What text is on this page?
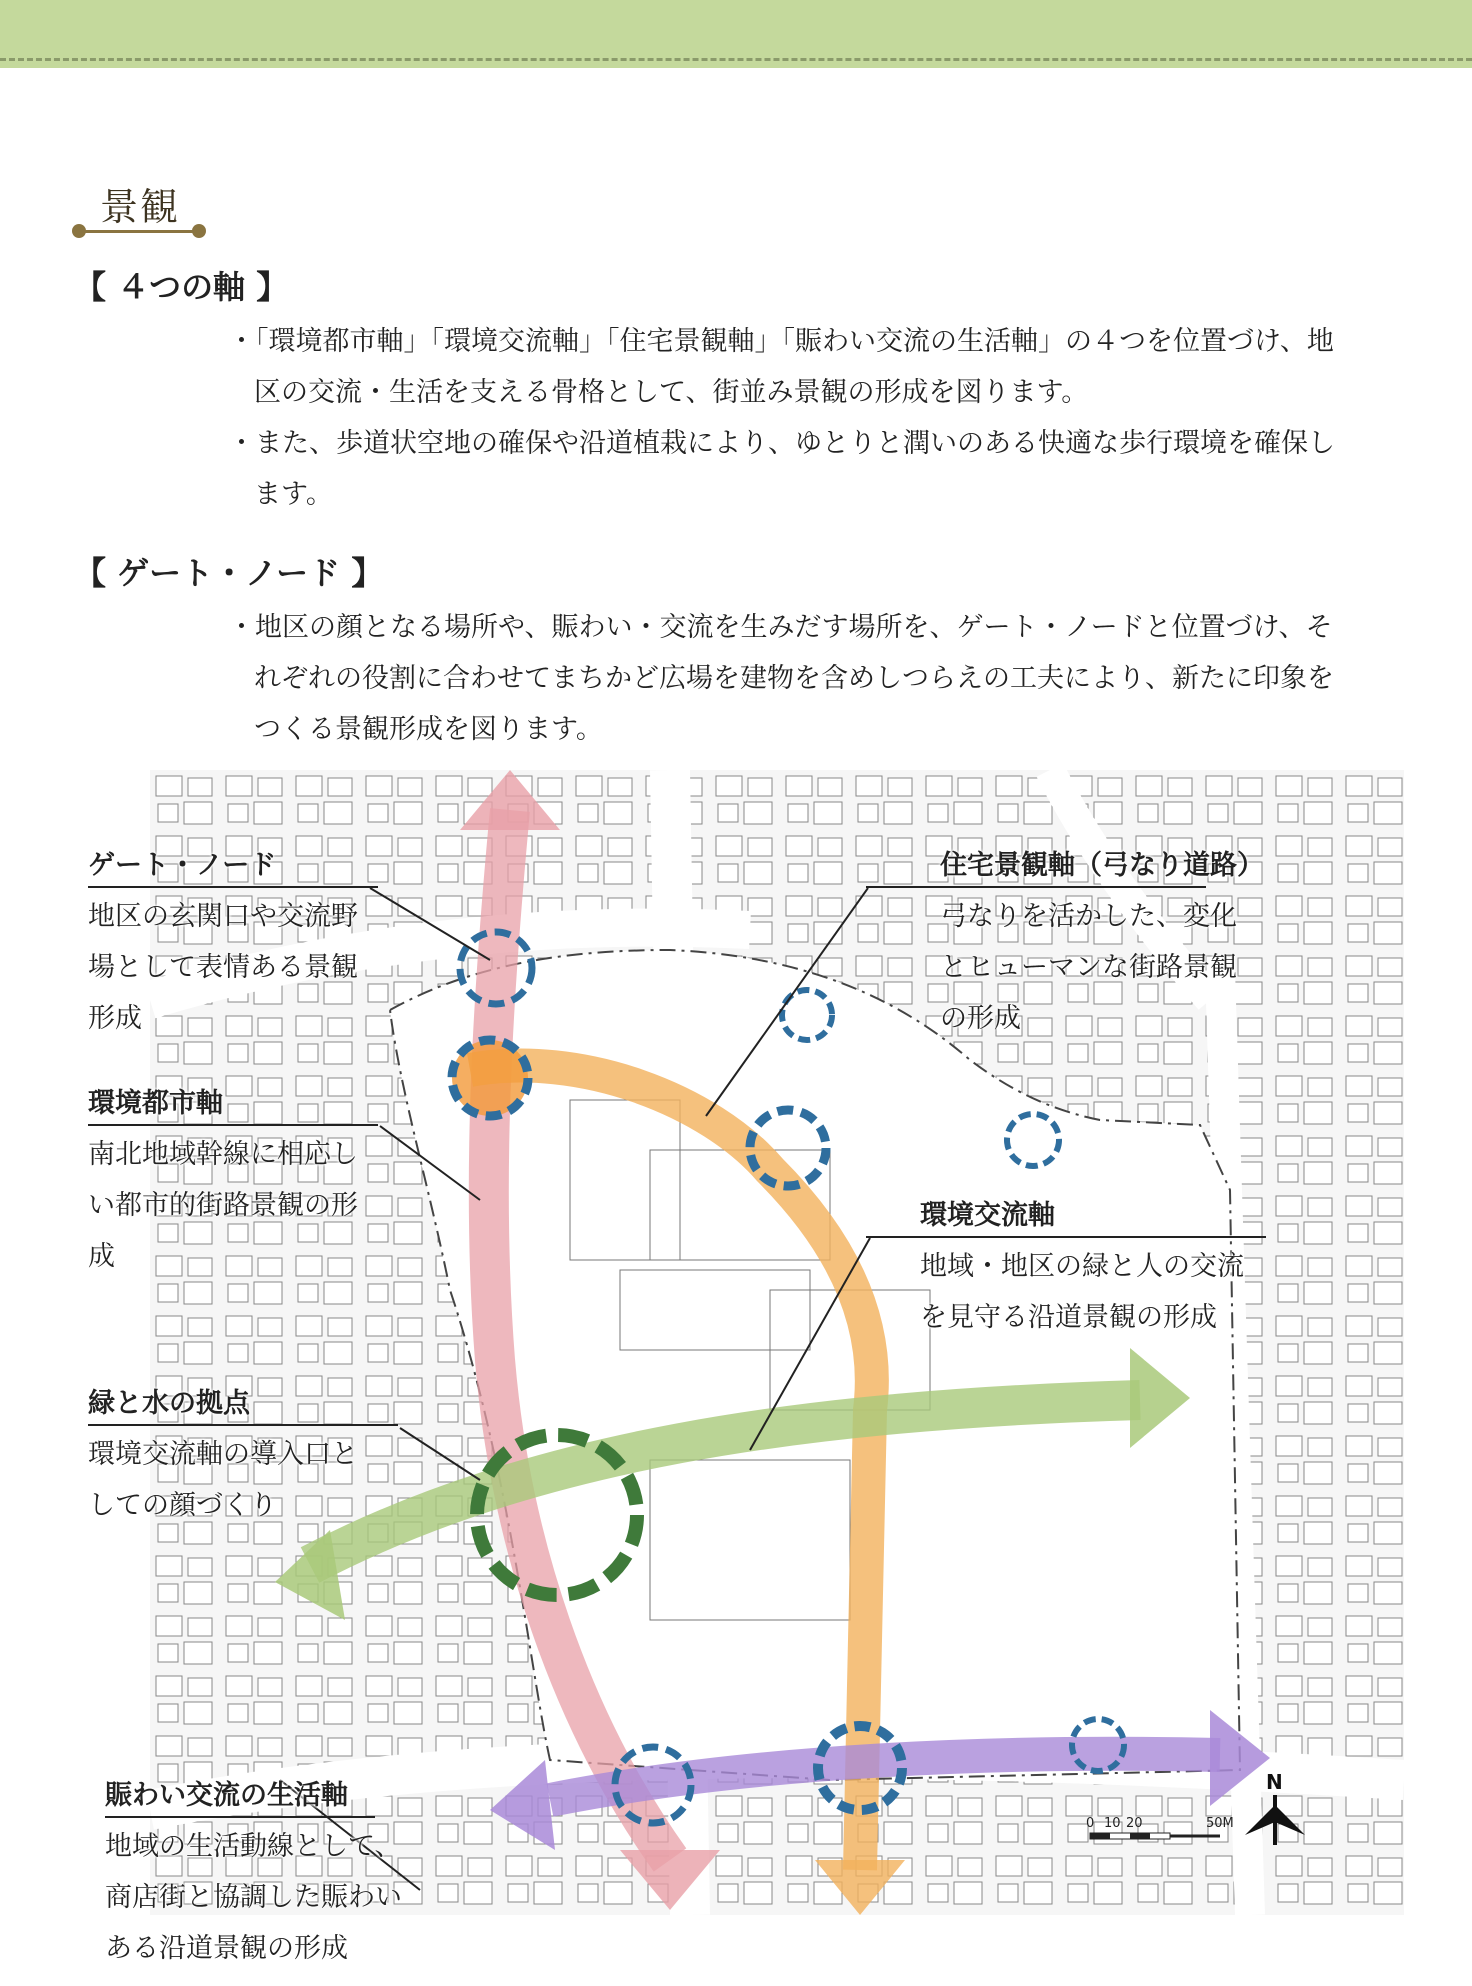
景観
【 ４つの軸 】
・「環境都市軸」「環境交流軸」「住宅景観軸」「賑わい交流の生活軸」の４つを位置づけ、地区の交流・生活を支える骨格として、街並み景観の形成を図ります。
・また、歩道状空地の確保や沿道植栽により、ゆとりと潤いのある快適な歩行環境を確保します。
【 ゲート・ノード 】
・地区の顔となる場所や、賑わい・交流を生みだす場所を、ゲート・ノードと位置づけ、それぞれの役割に合わせてまちかど広場を建物を含めしつらえの工夫により、新たに印象をつくる景観形成を図ります。
ゲート・ノード
地区の玄関口や交流野
場として表情ある景観
形成
環境都市軸
南北地域幹線に相応し
い都市的街路景観の形
成
緑と水の拠点
環境交流軸の導入口と
しての顔づくり
賑わい交流の生活軸
地域の生活動線として、
商店街と協調した賑わい
ある沿道景観の形成
住宅景観軸（弓なり道路）
弓なりを活かした、変化
とヒューマンな街路景観
の形成
環境交流軸
地域・地区の緑と人の交流
を見守る沿道景観の形成
0 10 20	50M
N
